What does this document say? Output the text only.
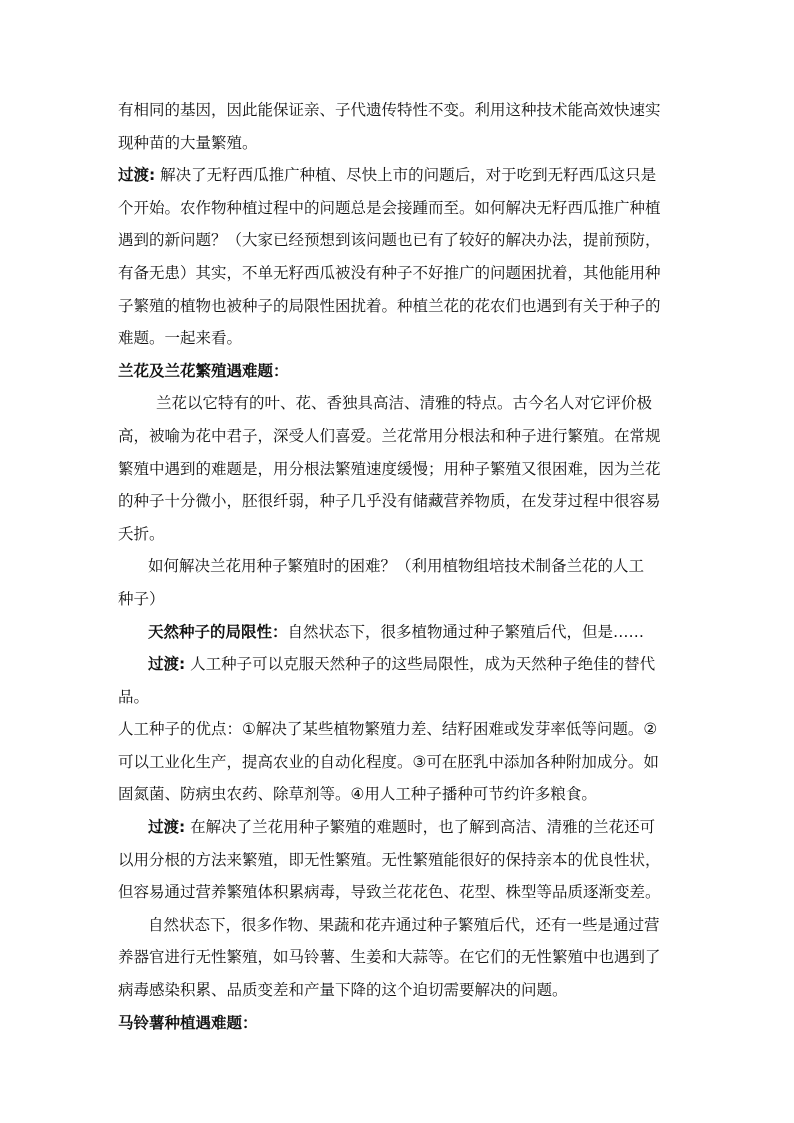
有相同的基因，因此能保证亲、子代遗传特性不变。利用这种技术能高效快速实
现种苗的大量繁殖。
过渡: 解决了无籽西瓜推广种植、尽快上市的问题后，对于吃到无籽西瓜这只是
个开始。农作物种植过程中的问题总是会接踵而至。如何解决无籽西瓜推广种植
遇到的新问题？（大家已经预想到该问题也已有了较好的解决办法，提前预防，
有备无患）其实，不单无籽西瓜被没有种子不好推广的问题困扰着，其他能用种
子繁殖的植物也被种子的局限性困扰着。种植兰花的花农们也遇到有关于种子的
难题。一起来看。
兰花及兰花繁殖遇难题：
兰花以它特有的叶、花、香独具高洁、清雅的特点。古今名人对它评价极
高，被喻为花中君子，深受人们喜爱。兰花常用分根法和种子进行繁殖。在常规
繁殖中遇到的难题是，用分根法繁殖速度缓慢；用种子繁殖又很困难，因为兰花
的种子十分微小，胚很纤弱，种子几乎没有储藏营养物质，在发芽过程中很容易
夭折。
如何解决兰花用种子繁殖时的困难？（利用植物组培技术制备兰花的人工
种子）
天然种子的局限性：自然状态下，很多植物通过种子繁殖后代，但是……
过渡: 人工种子可以克服天然种子的这些局限性，成为天然种子绝佳的替代
品。
人工种子的优点：①解决了某些植物繁殖力差、结籽困难或发芽率低等问题。②
可以工业化生产，提高农业的自动化程度。③可在胚乳中添加各种附加成分。如
固氮菌、防病虫农药、除草剂等。④用人工种子播种可节约许多粮食。
过渡: 在解决了兰花用种子繁殖的难题时，也了解到高洁、清雅的兰花还可
以用分根的方法来繁殖，即无性繁殖。无性繁殖能很好的保持亲本的优良性状，
但容易通过营养繁殖体积累病毒，导致兰花花色、花型、株型等品质逐渐变差。
自然状态下，很多作物、果蔬和花卉通过种子繁殖后代，还有一些是通过营
养器官进行无性繁殖，如马铃薯、生姜和大蒜等。在它们的无性繁殖中也遇到了
病毒感染积累、品质变差和产量下降的这个迫切需要解决的问题。
马铃薯种植遇难题：
